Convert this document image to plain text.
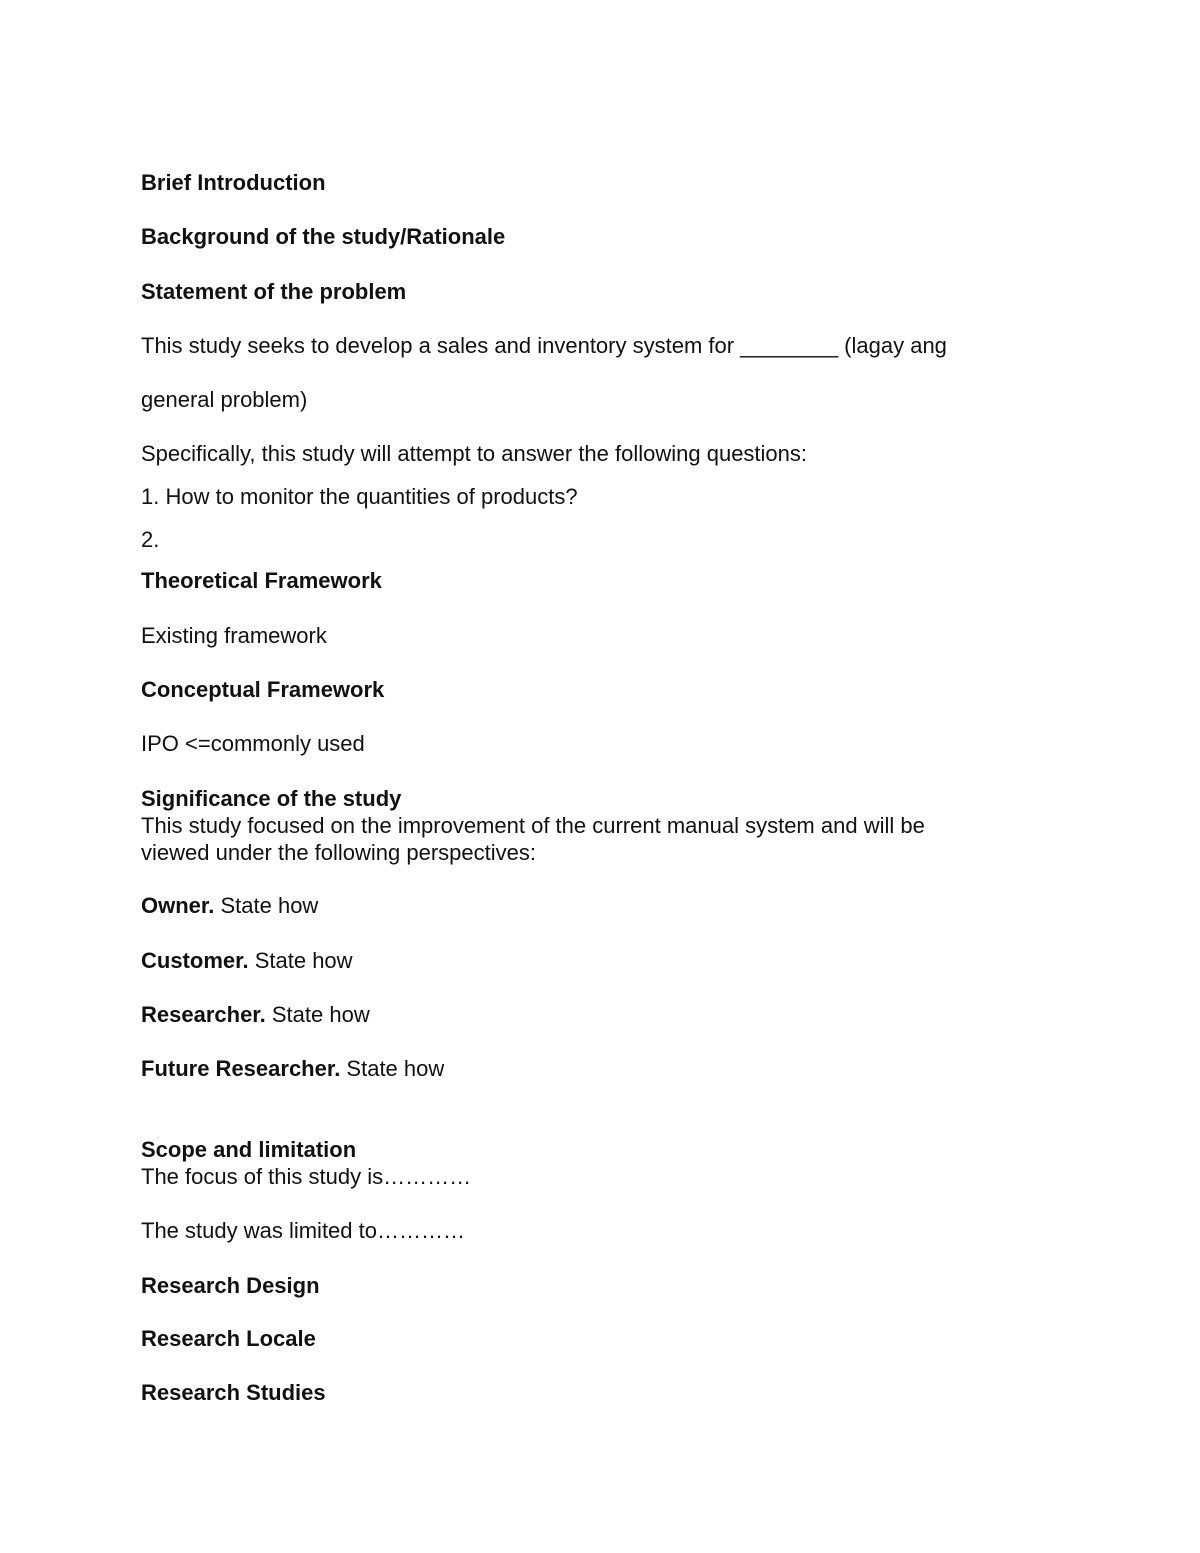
Brief Introduction

Background of the study/Rationale

Statement of the problem

This study seeks to develop a sales and inventory system for ________ (lagay ang

general problem)

Specifically, this study will attempt to answer the following questions:

1. How to monitor the quantities of products?

2.

Theoretical Framework

Existing framework

Conceptual Framework

IPO <=commonly used

Significance of the study

This study focused on the improvement of the current manual system and will be

viewed under the following perspectives:

Owner. State how

Customer. State how

Researcher. State how

Future Researcher. State how

Scope and limitation

The focus of this study is…………

The study was limited to…………

Research Design

Research Locale

Research Studies
